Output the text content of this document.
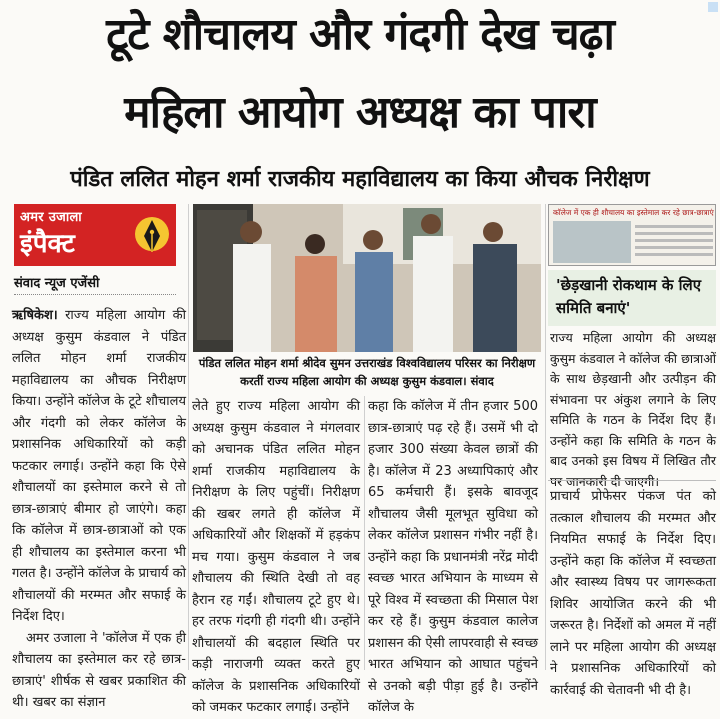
टूटे शौचालय और गंदगी देख चढ़ा
महिला आयोग अध्यक्ष का पारा
पंडित ललित मोहन शर्मा राजकीय महाविद्यालय का किया औचक निरीक्षण
अमर उजाला
इंपैक्ट
संवाद न्यूज एजेंसी

ऋषिकेश। राज्य महिला आयोग की अध्यक्ष कुसुम कंडवाल ने पंडित ललित मोहन शर्मा राजकीय महाविद्यालय का औचक निरीक्षण किया। उन्होंने कॉलेज के टूटे शौचालय और गंदगी को लेकर कॉलेज के प्रशासनिक अधिकारियों को कड़ी फटकार लगाई। उन्होंने कहा कि ऐसे शौचालयों का इस्तेमाल करने से तो छात्र-छात्राएं बीमार हो जाएंगे। कहा कि कॉलेज में छात्र-छात्राओं को एक ही शौचालय का इस्तेमाल करना भी गलत है। उन्होंने कॉलेज के प्राचार्य को शौचालयों की मरम्मत और सफाई के निर्देश दिए।

अमर उजाला ने 'कॉलेज में एक ही शौचालय का इस्तेमाल कर रहे छात्र-छात्राएं' शीर्षक से खबर प्रकाशित की थी। खबर का संज्ञान

पंडित ललित मोहन शर्मा श्रीदेव सुमन उत्तराखंड विश्वविद्यालय परिसर का निरीक्षण करतीं राज्य महिला आयोग की अध्यक्ष कुसुम कंडवाल। संवाद
लेते हुए राज्य महिला आयोग की अध्यक्ष कुसुम कंडवाल ने मंगलवार को अचानक पंडित ललित मोहन शर्मा राजकीय महाविद्यालय के निरीक्षण के लिए पहुंचीं। निरीक्षण की खबर लगते ही कॉलेज में अधिकारियों और शिक्षकों में हड़कंप मच गया। कुसुम कंडवाल ने जब शौचालय की स्थिति देखी तो वह हैरान रह गईं। शौचालय टूटे हुए थे। हर तरफ गंदगी ही गंदगी थी। उन्होंने शौचालयों की बदहाल स्थिति पर कड़ी नाराजगी व्यक्त करते हुए कॉलेज के प्रशासनिक अधिकारियों को जमकर फटकार लगाई। उन्होंने
कहा कि कॉलेज में तीन हजार 500 छात्र-छात्राएं पढ़ रहे हैं। उसमें भी दो हजार 300 संख्या केवल छात्रों की है। कॉलेज में 23 अध्यापिकाएं और 65 कर्मचारी हैं। इसके बावजूद शौचालय जैसी मूलभूत सुविधा को लेकर कॉलेज प्रशासन गंभीर नहीं है। उन्होंने कहा कि प्रधानमंत्री नरेंद्र मोदी स्वच्छ भारत अभियान के माध्यम से पूरे विश्व में स्वच्छता की मिसाल पेश कर रहे हैं। कुसुम कंडवाल कालेज प्रशासन की ऐसी लापरवाही से स्वच्छ भारत अभियान को आघात पहुंचने से उनको बड़ी पीड़ा हुई है। उन्होंने कॉलेज के
कॉलेज में एक ही शौचालय का इस्तेमाल कर रहे छात्र-छात्राएं
'छेड़खानी रोकथाम के लिए समिति बनाएं'
राज्य महिला आयोग की अध्यक्ष कुसुम कंडवाल ने कॉलेज की छात्राओं के साथ छेड़खानी और उत्पीड़न की संभावना पर अंकुश लगाने के लिए समिति के गठन के निर्देश दिए हैं। उन्होंने कहा कि समिति के गठन के बाद उनको इस विषय में लिखित तौर पर जानकारी दी जाएगी।
प्राचार्य प्रोफेसर पंकज पंत को तत्काल शौचालय की मरम्मत और नियमित सफाई के निर्देश दिए। उन्होंने कहा कि कॉलेज में स्वच्छता और स्वास्थ्य विषय पर जागरूकता शिविर आयोजित करने की भी जरूरत है। निर्देशों को अमल में नहीं लाने पर महिला आयोग की अध्यक्ष ने प्रशासनिक अधिकारियों को कार्रवाई की चेतावनी भी दी है।
